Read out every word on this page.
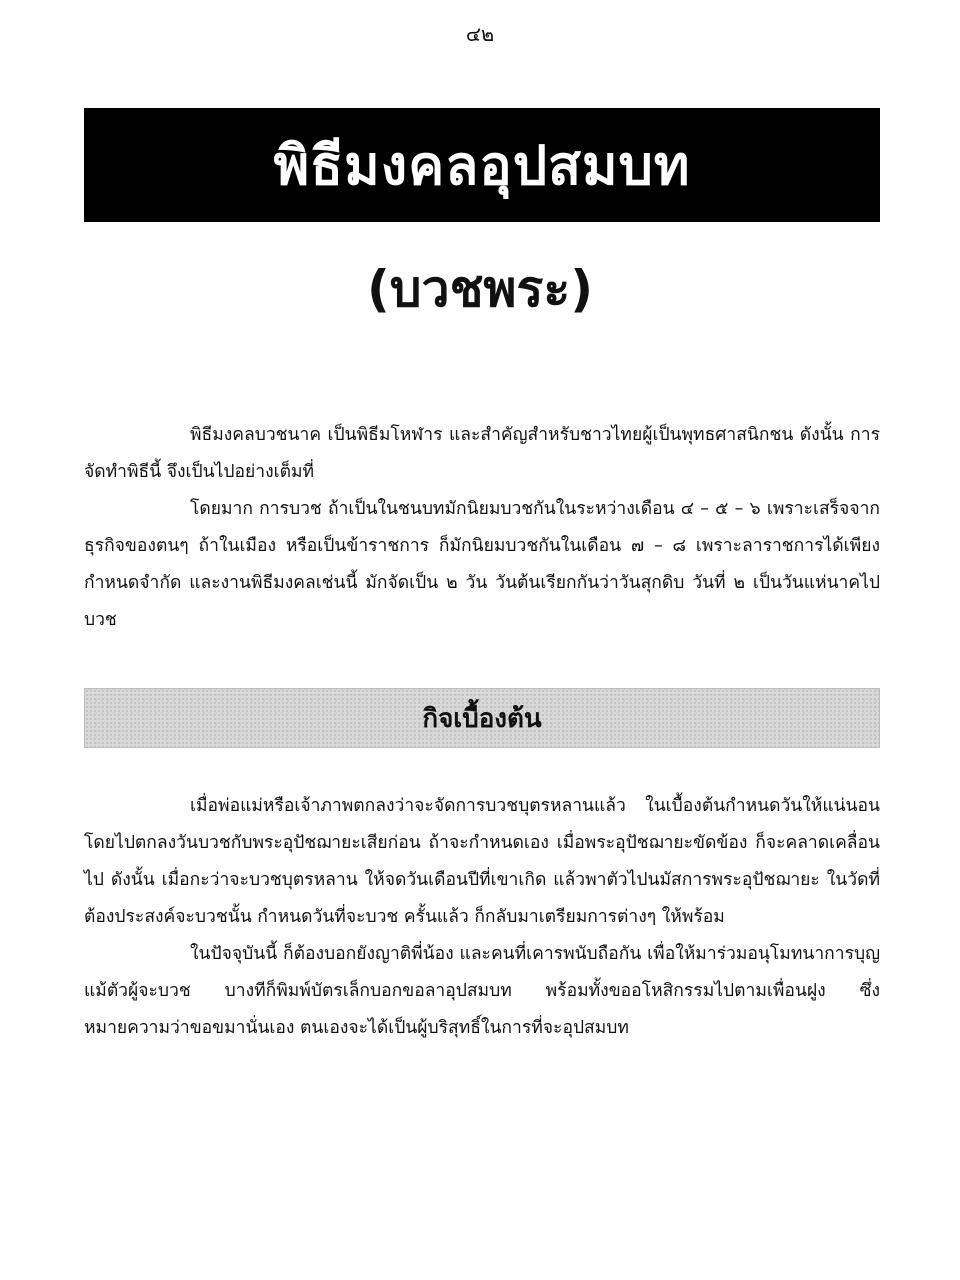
๔๒
พิธีมงคลอุปสมบท
(บวชพระ)

พิธีมงคลบวชนาค เป็นพิธีมโหฬาร และสำคัญสำหรับชาวไทยผู้เป็นพุทธศาสนิกชน ดังนั้น การจัดทำพิธีนี้ จึงเป็นไปอย่างเต็มที่

โดยมาก การบวช ถ้าเป็นในชนบทมักนิยมบวชกันในระหว่างเดือน ๔ – ๕ – ๖ เพราะเสร็จจากธุรกิจของตนๆ ถ้าในเมือง หรือเป็นข้าราชการ ก็มักนิยมบวชกันในเดือน ๗ – ๘ เพราะลาราชการได้เพียงกำหนดจำกัด และงานพิธีมงคลเช่นนี้ มักจัดเป็น ๒ วัน วันต้นเรียกกันว่าวันสุกดิบ วันที่ ๒ เป็นวันแห่นาคไปบวช

กิจเบื้องต้น

เมื่อพ่อแม่หรือเจ้าภาพตกลงว่าจะจัดการบวชบุตรหลานแล้ว ในเบื้องต้นกำหนดวันให้แน่นอน โดยไปตกลงวันบวชกับพระอุปัชฌายะเสียก่อน ถ้าจะกำหนดเอง เมื่อพระอุปัชฌายะขัดข้อง ก็จะคลาดเคลื่อนไป ดังนั้น เมื่อกะว่าจะบวชบุตรหลาน ให้จดวันเดือนปีที่เขาเกิด แล้วพาตัวไปนมัสการพระอุปัชฌายะ ในวัดที่ต้องประสงค์จะบวชนั้น กำหนดวันที่จะบวช ครั้นแล้ว ก็กลับมาเตรียมการต่างๆ ให้พร้อม

ในปัจจุบันนี้ ก็ต้องบอกยังญาติพี่น้อง และคนที่เคารพนับถือกัน เพื่อให้มาร่วมอนุโมทนาการบุญ แม้ตัวผู้จะบวช บางทีก็พิมพ์บัตรเล็กบอกขอลาอุปสมบท พร้อมทั้งขออโหสิกรรมไปตามเพื่อนฝูง ซึ่งหมายความว่าขอขมานั่นเอง ตนเองจะได้เป็นผู้บริสุทธิ์ในการที่จะอุปสมบท
